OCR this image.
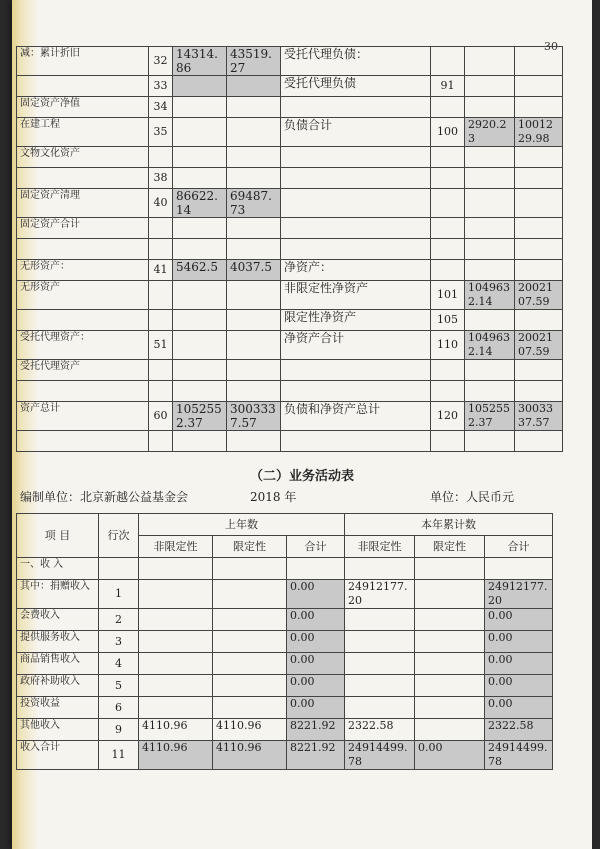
30
减：累计折旧	32	14314.86	43519.27	受托代理负债：			
	33			受托代理负债	91		
固定资产净值	34						
在建工程	35			负债合计	100	2920.23	1001229.98
文物文化资产							
	38						
固定资产清理	40	86622.14	69487.73				
固定资产合计							

无形资产：	41	5462.5	4037.5	净资产：			
无形资产				非限定性净资产	101	1049632.14	2002107.59
				限定性净资产	105		
受托代理资产：	51			净资产合计	110	1049632.14	2002107.59
受托代理资产							

资产总计	60	1052552.37	3003337.57	负债和净资产总计	120	1052552.37	3003337.57

（二）业务活动表
编制单位：北京新越公益基金会	2018 年	单位：人民币元
项 目	行次	上年数			本年累计数		
		非限定性	限定性	合计	非限定性	限定性	合计
一、收 入							
其中：捐赠收入	1			0.00	24912177.20		24912177.20
会费收入	2			0.00			0.00
提供服务收入	3			0.00			0.00
商品销售收入	4			0.00			0.00
政府补助收入	5			0.00			0.00
投资收益	6			0.00			0.00
其他收入	9	4110.96	4110.96	8221.92	2322.58		2322.58
收入合计	11	4110.96	4110.96	8221.92	24914499.78	0.00	24914499.78
